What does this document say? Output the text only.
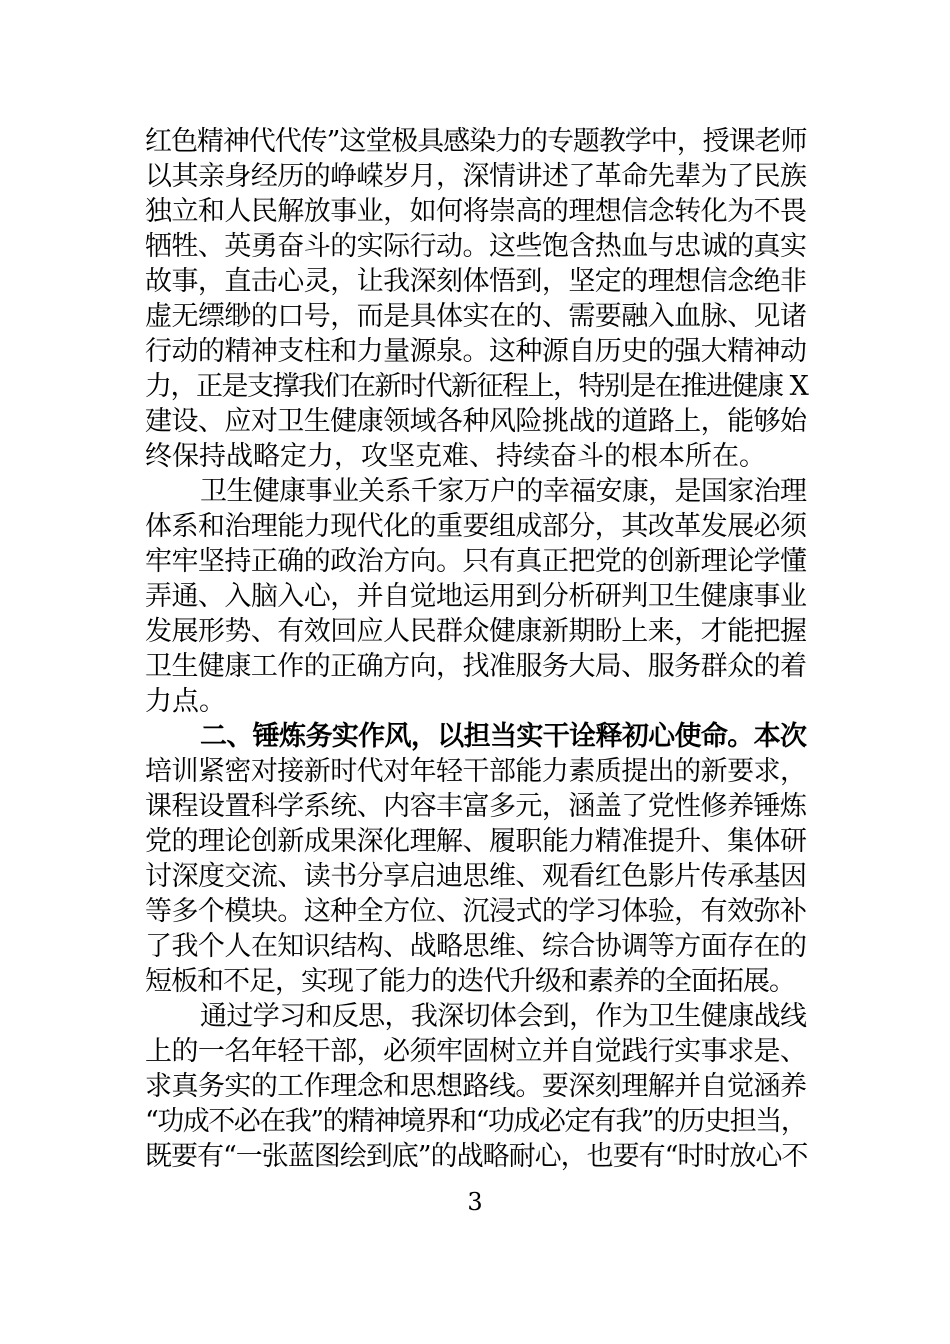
红色精神代代传”这堂极具感染力的专题教学中，授课老师
以其亲身经历的峥嵘岁月，深情讲述了革命先辈为了民族
独立和人民解放事业，如何将崇高的理想信念转化为不畏
牺牲、英勇奋斗的实际行动。这些饱含热血与忠诚的真实
故事，直击心灵，让我深刻体悟到，坚定的理想信念绝非
虚无缥缈的口号，而是具体实在的、需要融入血脉、见诸
行动的精神支柱和力量源泉。这种源自历史的强大精神动
力，正是支撑我们在新时代新征程上，特别是在推进健康 X
建设、应对卫生健康领域各种风险挑战的道路上，能够始
终保持战略定力，攻坚克难、持续奋斗的根本所在。
卫生健康事业关系千家万户的幸福安康，是国家治理
体系和治理能力现代化的重要组成部分，其改革发展必须
牢牢坚持正确的政治方向。只有真正把党的创新理论学懂
弄通、入脑入心，并自觉地运用到分析研判卫生健康事业
发展形势、有效回应人民群众健康新期盼上来，才能把握
卫生健康工作的正确方向，找准服务大局、服务群众的着
力点。
二、锤炼务实作风，以担当实干诠释初心使命。本次
培训紧密对接新时代对年轻干部能力素质提出的新要求，
课程设置科学系统、内容丰富多元，涵盖了党性修养锤炼
党的理论创新成果深化理解、履职能力精准提升、集体研
讨深度交流、读书分享启迪思维、观看红色影片传承基因
等多个模块。这种全方位、沉浸式的学习体验，有效弥补
了我个人在知识结构、战略思维、综合协调等方面存在的
短板和不足，实现了能力的迭代升级和素养的全面拓展。
通过学习和反思，我深切体会到，作为卫生健康战线
上的一名年轻干部，必须牢固树立并自觉践行实事求是、
求真务实的工作理念和思想路线。要深刻理解并自觉涵养
“功成不必在我”的精神境界和“功成必定有我”的历史担当，
既要有“一张蓝图绘到底”的战略耐心，也要有“时时放心不
3
